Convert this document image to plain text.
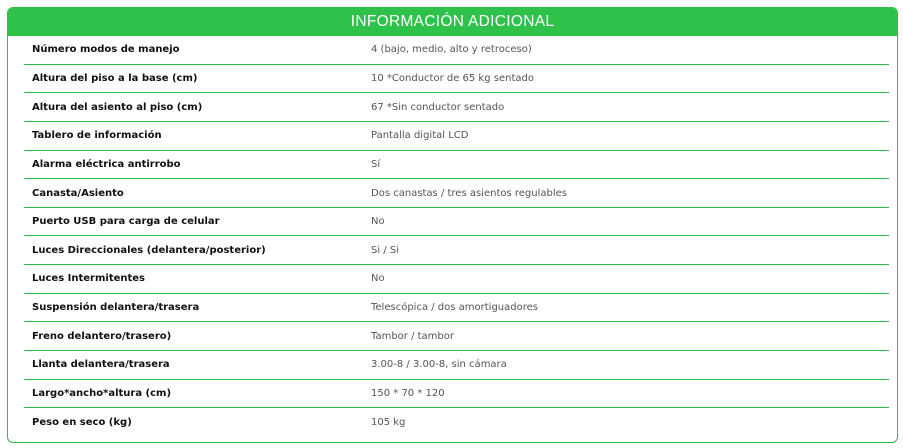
INFORMACIÓN ADICIONAL
Número modos de manejo	4 (bajo, medio, alto y retroceso)
Altura del piso a la base (cm)	10 *Conductor de 65 kg sentado
Altura del asiento al piso (cm)	67 *Sin conductor sentado
Tablero de información	Pantalla digital LCD
Alarma eléctrica antirrobo	Sí
Canasta/Asiento	Dos canastas / tres asientos regulables
Puerto USB para carga de celular	No
Luces Direccionales (delantera/posterior)	Si / Si
Luces Intermitentes	No
Suspensión delantera/trasera	Telescópica / dos amortiguadores
Freno delantero/trasero)	Tambor / tambor
Llanta delantera/trasera	3.00-8 / 3.00-8, sin cámara
Largo*ancho*altura (cm)	150 * 70 * 120
Peso en seco (kg)	105 kg
